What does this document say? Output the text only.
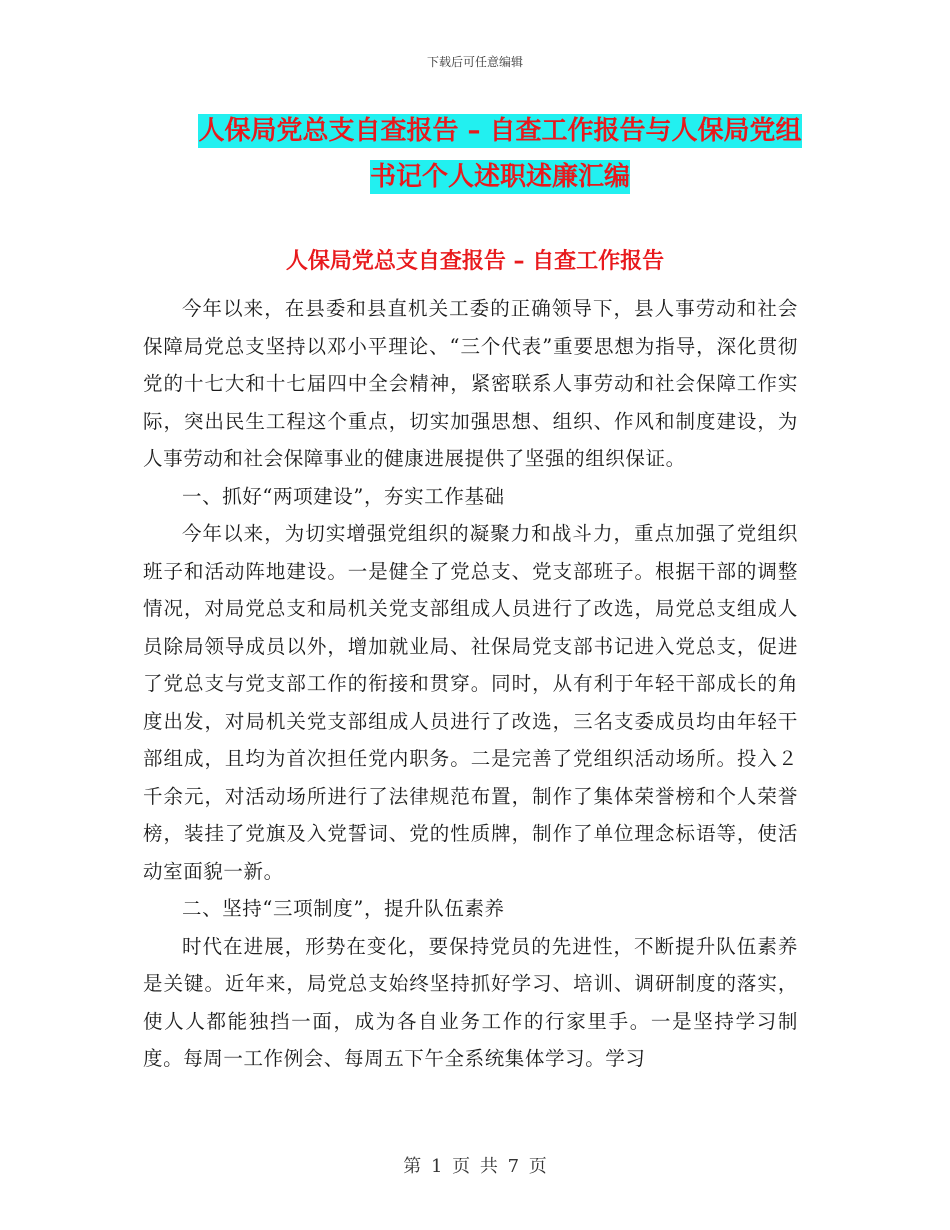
下载后可任意编辑
人保局党总支自查报告 – 自查工作报告与人保局党组
书记个人述职述廉汇编
人保局党总支自查报告 – 自查工作报告

今年以来，在县委和县直机关工委的正确领导下，县人事劳动和社会保障局党总支坚持以邓小平理论、“三个代表”重要思想为指导，深化贯彻党的十七大和十七届四中全会精神，紧密联系人事劳动和社会保障工作实际，突出民生工程这个重点，切实加强思想、组织、作风和制度建设，为人事劳动和社会保障事业的健康进展提供了坚强的组织保证。

一、抓好“两项建设”，夯实工作基础

今年以来，为切实增强党组织的凝聚力和战斗力，重点加强了党组织班子和活动阵地建设。一是健全了党总支、党支部班子。根据干部的调整情况，对局党总支和局机关党支部组成人员进行了改选，局党总支组成人员除局领导成员以外，增加就业局、社保局党支部书记进入党总支，促进了党总支与党支部工作的衔接和贯穿。同时，从有利于年轻干部成长的角度出发，对局机关党支部组成人员进行了改选，三名支委成员均由年轻干部组成，且均为首次担任党内职务。二是完善了党组织活动场所。投入２千余元，对活动场所进行了法律规范布置，制作了集体荣誉榜和个人荣誉榜，装挂了党旗及入党誓词、党的性质牌，制作了单位理念标语等，使活动室面貌一新。

二、坚持“三项制度”，提升队伍素养

时代在进展，形势在变化，要保持党员的先进性，不断提升队伍素养是关键。近年来，局党总支始终坚持抓好学习、培训、调研制度的落实，使人人都能独挡一面，成为各自业务工作的行家里手。一是坚持学习制度。每周一工作例会、每周五下午全系统集体学习。学习

第 1 页 共 7 页
